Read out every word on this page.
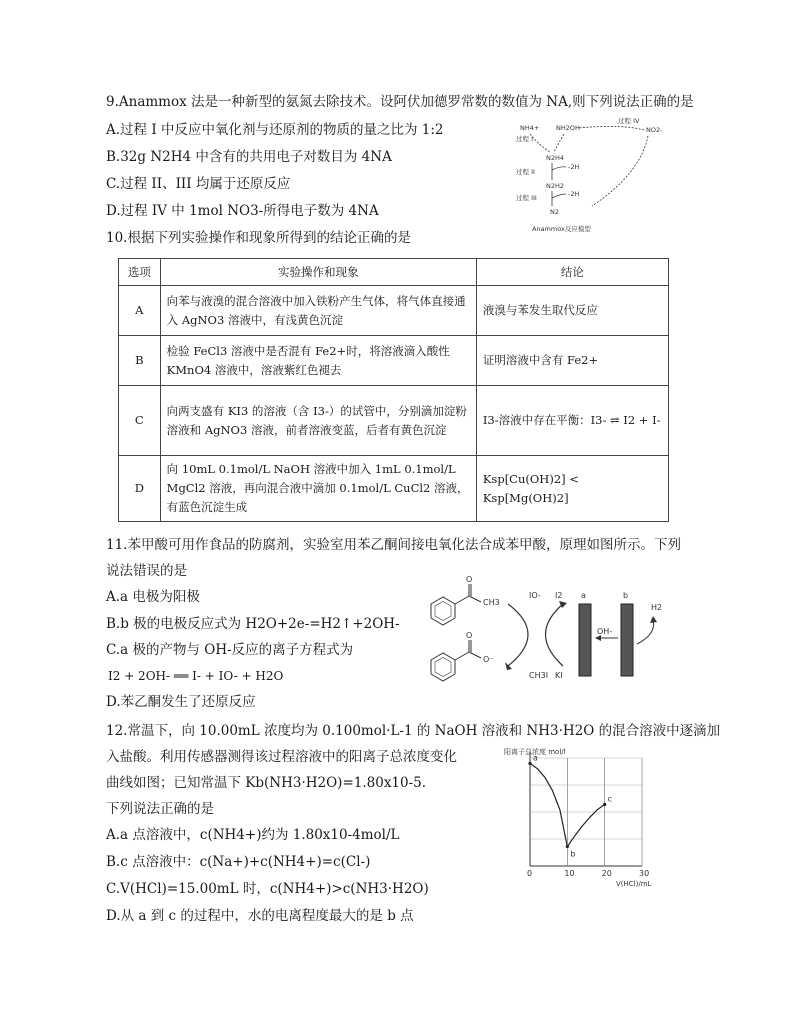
9.Anammox 法是一种新型的氨氮去除技术。设阿伏加德罗常数的数值为 NA,则下列说法正确的是
A.过程 I 中反应中氧化剂与还原剂的物质的量之比为 1:2
B.32g N2H4 中含有的共用电子对数目为 4NA
C.过程 II、III 均属于还原反应
D.过程 IV 中 1mol NO3-所得电子数为 4NA
NH4+	NH2OH	NO2-
过程 IV
过程 I
N2H4
过程 II
-2H
N2H2
过程 III	-2H
N2
Anammox反应模型
10.根据下列实验操作和现象所得到的结论正确的是
选项	实验操作和现象	结论
A	向苯与液溴的混合溶液中加入铁粉产生气体，将气体直接通入 AgNO3 溶液中，有浅黄色沉淀	液溴与苯发生取代反应
B	检验 FeCl3 溶液中是否混有 Fe2+时，将溶液滴入酸性 KMnO4 溶液中，溶液紫红色褪去	证明溶液中含有 Fe2+
C	向两支盛有 KI3 的溶液（含 I3-）的试管中，分别滴加淀粉溶液和 AgNO3 溶液，前者溶液变蓝，后者有黄色沉淀	I3-溶液中存在平衡：I3- ⇌ I2 + I-
D	向 10mL 0.1mol/L NaOH 溶液中加入 1mL 0.1mol/L MgCl2 溶液，再向混合液中滴加 0.1mol/L CuCl2 溶液，有蓝色沉淀生成	Ksp[Cu(OH)2] < Ksp[Mg(OH)2]
11.苯甲酸可用作食品的防腐剂，实验室用苯乙酮间接电氧化法合成苯甲酸，原理如图所示。下列
说法错误的是
A.a 电极为阳极
B.b 极的电极反应式为 H2O+2e-=H2↑+2OH-
C.a 极的产物与 OH-反应的离子方程式为
I2 + 2OH- ══ I- + IO- + H2O
D.苯乙酮发生了还原反应
O
CH3
O
O⁻
IO- I2
CH3I KI
a	b
OH-
H2
12.常温下，向 10.00mL 浓度均为 0.100mol·L-1 的 NaOH 溶液和 NH3·H2O 的混合溶液中逐滴加
入盐酸。利用传感器测得该过程溶液中的阳离子总浓度变化
曲线如图；已知常温下 Kb(NH3·H2O)=1.80x10-5.
下列说法正确的是
A.a 点溶液中，c(NH4+)约为 1.80x10-4mol/L
B.c 点溶液中：c(Na+)+c(NH4+)=c(Cl-)
C.V(HCl)=15.00mL 时，c(NH4+)>c(NH3·H2O)
D.从 a 到 c 的过程中，水的电离程度最大的是 b 点
阳离子总浓度 mol/l
V(HCl)/mL
0	10	20	30
a
b
c
